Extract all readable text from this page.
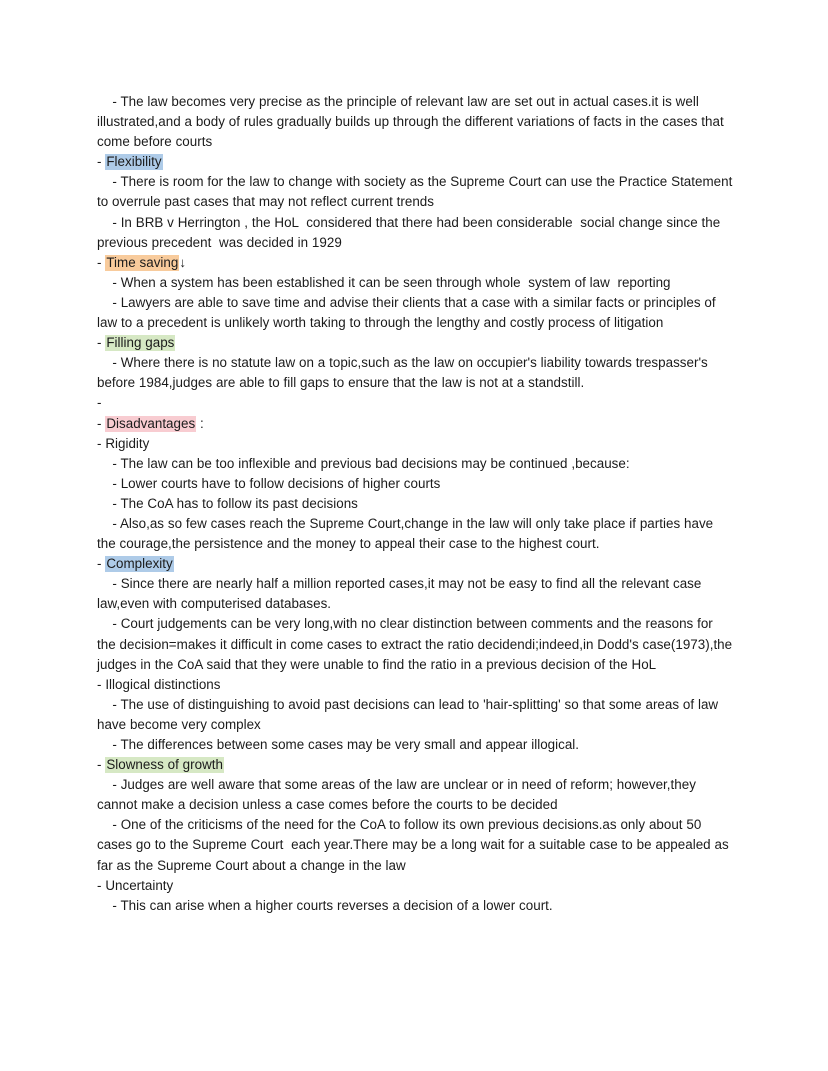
- The law becomes very precise as the principle of relevant law are set out in actual cases.it is well illustrated,and a body of rules gradually builds up through the different variations of facts in the cases that come before courts

- Flexibility

- There is room for the law to change with society as the Supreme Court can use the Practice Statement to overrule past cases that may not reflect current trends

- In BRB v Herrington , the HoL  considered that there had been considerable  social change since the previous precedent  was decided in 1929

- Time saving↓

- When a system has been established it can be seen through whole  system of law  reporting

- Lawyers are able to save time and advise their clients that a case with a similar facts or principles of law to a precedent is unlikely worth taking to through the lengthy and costly process of litigation

- Filling gaps

- Where there is no statute law on a topic,such as the law on occupier's liability towards trespasser's before 1984,judges are able to fill gaps to ensure that the law is not at a standstill.

-

- Disadvantages :

- Rigidity

- The law can be too inflexible and previous bad decisions may be continued ,because:

- Lower courts have to follow decisions of higher courts

- The CoA has to follow its past decisions

- Also,as so few cases reach the Supreme Court,change in the law will only take place if parties have the courage,the persistence and the money to appeal their case to the highest court.

- Complexity

- Since there are nearly half a million reported cases,it may not be easy to find all the relevant case law,even with computerised databases.

- Court judgements can be very long,with no clear distinction between comments and the reasons for the decision=makes it difficult in come cases to extract the ratio decidendi;indeed,in Dodd's case(1973),the judges in the CoA said that they were unable to find the ratio in a previous decision of the HoL

- Illogical distinctions

- The use of distinguishing to avoid past decisions can lead to 'hair-splitting' so that some areas of law have become very complex

- The differences between some cases may be very small and appear illogical.

- Slowness of growth

- Judges are well aware that some areas of the law are unclear or in need of reform; however,they cannot make a decision unless a case comes before the courts to be decided

- One of the criticisms of the need for the CoA to follow its own previous decisions.as only about 50 cases go to the Supreme Court  each year.There may be a long wait for a suitable case to be appealed as far as the Supreme Court about a change in the law

- Uncertainty

- This can arise when a higher courts reverses a decision of a lower court.
